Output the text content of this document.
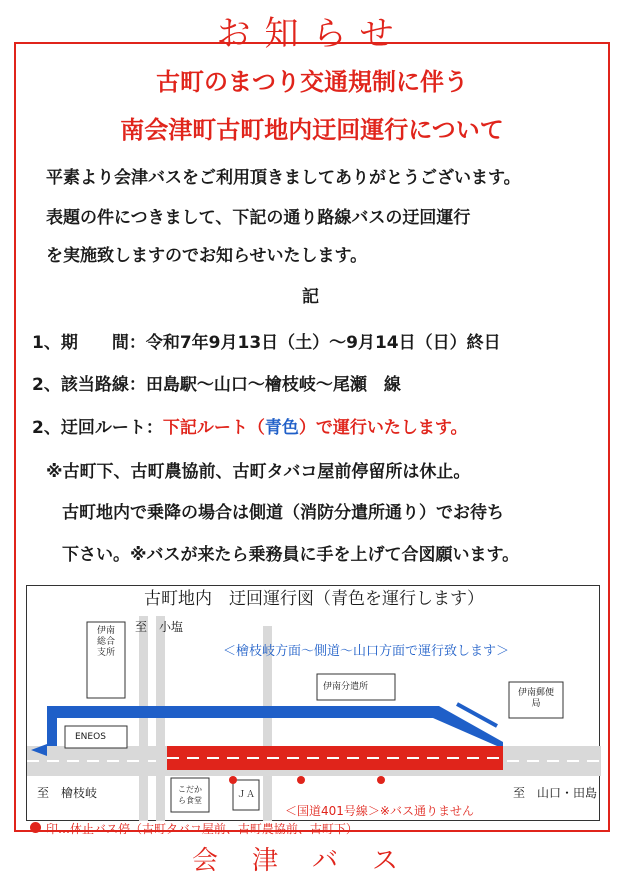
お知らせ
古町のまつり交通規制に伴う
南会津町古町地内迂回運行について
平素より会津バスをご利用頂きましてありがとうございます。
表題の件につきまして、下記の通り路線バスの迂回運行
を実施致しますのでお知らせいたします。
記
1、期　　間：令和7年9月13日（土）～9月14日（日）終日
2、該当路線：田島駅～山口～檜枝岐～尾瀬　線
2、迂回ルート：下記ルート（青色）で運行いたします。
※古町下、古町農協前、古町タバコ屋前停留所は休止。
古町地内で乗降の場合は側道（消防分遣所通り）でお待ち
下さい。※バスが来たら乗務員に手を上げて合図願います。
古町地内　迂回運行図（青色を運行します）
至　小塩
＜檜枝岐方面～側道～山口方面で運行致します＞
伊南総合支所
伊南分遣所
伊南郵便局
ENEOS
こだから食堂
ＪＡ
至　檜枝岐	至　山口・田島
＜国道401号線＞※バス通りません
印…休止バス停（古町タバコ屋前、古町農協前、古町下）
会津バス
